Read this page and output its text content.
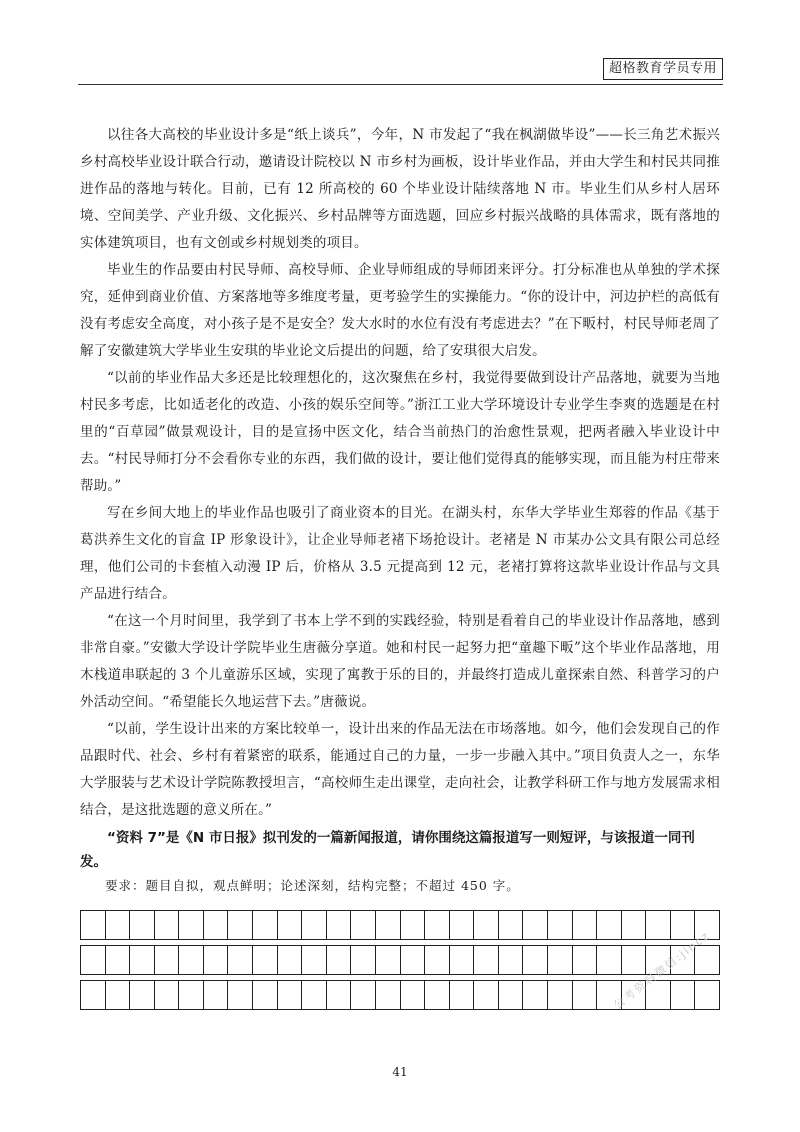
超格教育学员专用

以往各大高校的毕业设计多是“纸上谈兵”，今年，N 市发起了“我在枫湖做毕设”——长三角艺术振兴乡村高校毕业设计联合行动，邀请设计院校以 N 市乡村为画板，设计毕业作品，并由大学生和村民共同推进作品的落地与转化。目前，已有 12 所高校的 60 个毕业设计陆续落地 N 市。毕业生们从乡村人居环境、空间美学、产业升级、文化振兴、乡村品牌等方面选题，回应乡村振兴战略的具体需求，既有落地的实体建筑项目，也有文创或乡村规划类的项目。

毕业生的作品要由村民导师、高校导师、企业导师组成的导师团来评分。打分标准也从单独的学术探究，延伸到商业价值、方案落地等多维度考量，更考验学生的实操能力。“你的设计中，河边护栏的高低有没有考虑安全高度，对小孩子是不是安全？发大水时的水位有没有考虑进去？”在下畈村，村民导师老周了解了安徽建筑大学毕业生安琪的毕业论文后提出的问题，给了安琪很大启发。

“以前的毕业作品大多还是比较理想化的，这次聚焦在乡村，我觉得要做到设计产品落地，就要为当地村民多考虑，比如适老化的改造、小孩的娱乐空间等。”浙江工业大学环境设计专业学生李爽的选题是在村里的“百草园”做景观设计，目的是宣扬中医文化，结合当前热门的治愈性景观，把两者融入毕业设计中去。“村民导师打分不会看你专业的东西，我们做的设计，要让他们觉得真的能够实现，而且能为村庄带来帮助。”

写在乡间大地上的毕业作品也吸引了商业资本的目光。在湖头村，东华大学毕业生郑蓉的作品《基于葛洪养生文化的盲盒 IP 形象设计》，让企业导师老褚下场抢设计。老褚是 N 市某办公文具有限公司总经理，他们公司的卡套植入动漫 IP 后，价格从 3.5 元提高到 12 元，老褚打算将这款毕业设计作品与文具产品进行结合。

“在这一个月时间里，我学到了书本上学不到的实践经验，特别是看着自己的毕业设计作品落地，感到非常自豪。”安徽大学设计学院毕业生唐薇分享道。她和村民一起努力把“童趣下畈”这个毕业作品落地，用木栈道串联起的 3 个儿童游乐区域，实现了寓教于乐的目的，并最终打造成儿童探索自然、科普学习的户外活动空间。“希望能长久地运营下去。”唐薇说。

“以前，学生设计出来的方案比较单一，设计出来的作品无法在市场落地。如今，他们会发现自己的作品跟时代、社会、乡村有着紧密的联系，能通过自己的力量，一步一步融入其中。”项目负责人之一，东华大学服装与艺术设计学院陈教授坦言，“高校师生走出课堂，走向社会，让教学科研工作与地方发展需求相结合，是这批选题的意义所在。”

“资料 7”是《N 市日报》拟刊发的一篇新闻报道，请你围绕这篇报道写一则短评，与该报道一同刊发。

要求：题目自拟，观点鲜明；论述深刻，结构完整；不超过 450 字。

公考资料微信:jincz
41
